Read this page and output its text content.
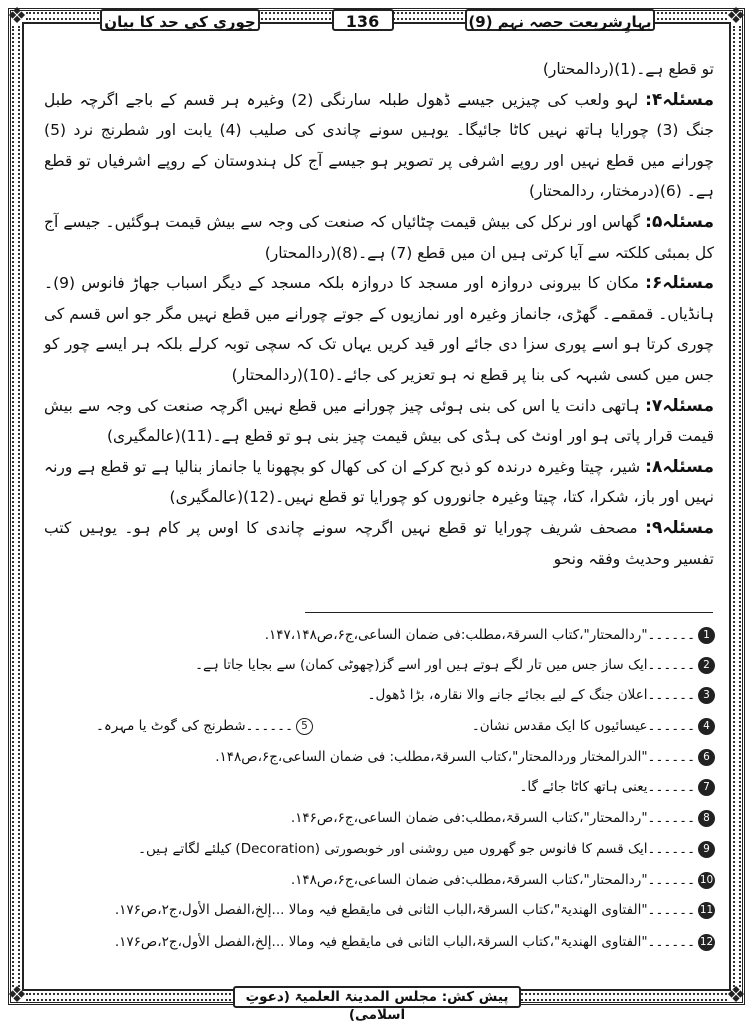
❖	❖
❖	❖
چوری کی حد کا بیان	136	بہارِشریعت حصہ نہم (9)

تو قطع ہے۔(1)(ردالمحتار)

مسئلہ۴: لہو ولعب کی چیزیں جیسے ڈھول طبلہ سارنگی (2) وغیرہ ہر قسم کے باجے اگرچہ طبل جنگ (3) چورایا ہاتھ نہیں کاٹا جائیگا۔ یوہیں سونے چاندی کی صلیب (4) یابت اور شطرنج نرد (5) چورانے میں قطع نہیں اور روپے اشرفی پر تصویر ہو جیسے آج کل ہندوستان کے روپے اشرفیاں تو قطع ہے۔ (6)(درمختار، ردالمحتار)

مسئلہ۵: گھاس اور نرکل کی بیش قیمت چٹائیاں کہ صنعت کی وجہ سے بیش قیمت ہوگئیں۔ جیسے آج کل بمبئی کلکتہ سے آیا کرتی ہیں ان میں قطع (7) ہے۔(8)(ردالمحتار)

مسئلہ۶: مکان کا بیرونی دروازہ اور مسجد کا دروازہ بلکہ مسجد کے دیگر اسباب جھاڑ فانوس (9)۔ ہانڈیاں۔ قمقمے۔ گھڑی، جانماز وغیرہ اور نمازیوں کے جوتے چورانے میں قطع نہیں مگر جو اس قسم کی چوری کرتا ہو اسے پوری سزا دی جائے اور قید کریں یہاں تک کہ سچی توبہ کرلے بلکہ ہر ایسے چور کو جس میں کسی شبہہ کی بنا پر قطع نہ ہو تعزیر کی جائے۔(10)(ردالمحتار)

مسئلہ۷: ہاتھی دانت یا اس کی بنی ہوئی چیز چورانے میں قطع نہیں اگرچہ صنعت کی وجہ سے بیش قیمت قرار پاتی ہو اور اونٹ کی ہڈی کی بیش قیمت چیز بنی ہو تو قطع ہے۔(11)(عالمگیری)

مسئلہ۸: شیر، چیتا وغیرہ درندہ کو ذبح کرکے ان کی کھال کو بچھونا یا جانماز بنالیا ہے تو قطع ہے ورنہ نہیں اور باز، شکرا، کتا، چیتا وغیرہ جانوروں کو چورایا تو قطع نہیں۔(12)(عالمگیری)

مسئلہ۹: مصحف شریف چورایا تو قطع نہیں اگرچہ سونے چاندی کا اوس پر کام ہو۔ یوہیں کتب تفسیر وحدیث وفقہ ونحو

1۔۔۔۔۔۔"ردالمحتار"،کتاب السرقۃ،مطلب:فی ضمان الساعی،ج۶،ص۱۴۷،۱۴۸.
2۔۔۔۔۔۔ایک ساز جس میں تار لگے ہوتے ہیں اور اسے گز(چھوٹی کمان) سے بجایا جاتا ہے۔
3۔۔۔۔۔۔اعلان جنگ کے لیے بجائے جانے والا نقارہ، بڑا ڈھول۔
4۔۔۔۔۔۔عیسائیوں کا ایک مقدس نشان۔
5۔۔۔۔۔۔شطرنج کی گوٹ یا مہرہ۔
6۔۔۔۔۔۔"الدرالمختار وردالمحتار"،کتاب السرقۃ،مطلب: فی ضمان الساعی،ج۶،ص۱۴۸.
7۔۔۔۔۔۔یعنی ہاتھ کاٹا جائے گا۔
8۔۔۔۔۔۔"ردالمحتار"،کتاب السرقۃ،مطلب:فی ضمان الساعی،ج۶،ص۱۴۶.
9۔۔۔۔۔۔ایک قسم کا فانوس جو گھروں میں روشنی اور خوبصورتی (Decoration) کیلئے لگاتے ہیں۔
10۔۔۔۔۔۔"ردالمحتار"،کتاب السرقۃ،مطلب:فی ضمان الساعی،ج۶،ص۱۴۸.
11۔۔۔۔۔۔"الفتاوی الھندیۃ"،کتاب السرقۃ،الباب الثانی فی مایقطع فیہ ومالا ...إلخ،الفصل الأول،ج۲،ص۱۷۶.
12۔۔۔۔۔۔"الفتاوی الھندیۃ"،کتاب السرقۃ،الباب الثانی فی مایقطع فیہ ومالا ...إلخ،الفصل الأول،ج۲،ص۱۷۶.
پیش کش: مجلس المدینۃ العلمیۃ (دعوتِ اسلامی)
